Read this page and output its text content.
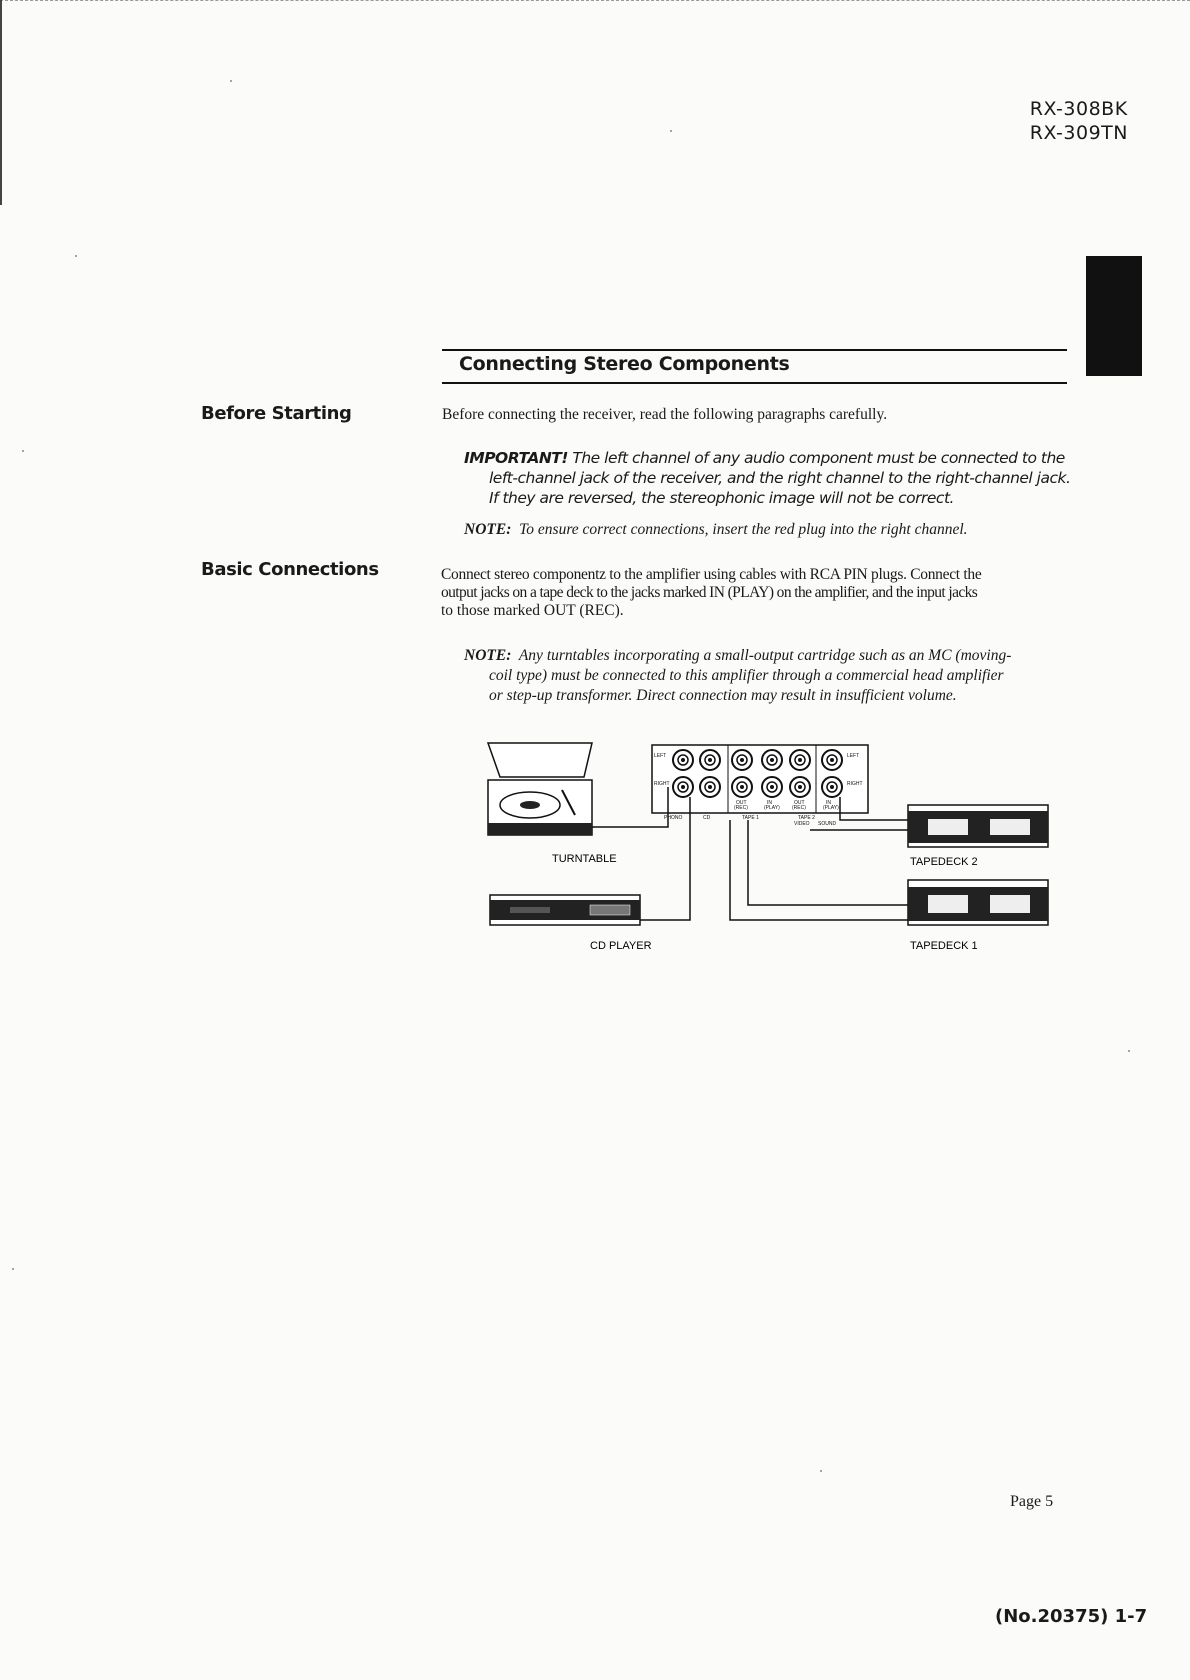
RX-308BK
RX-309TN
Connecting Stereo Components
Before Starting	Before connecting the receiver, read the following paragraphs carefully.
IMPORTANT! The left channel of any audio component must be connected to the
left-channel jack of the receiver, and the right channel to the right-channel jack.
If they are reversed, the stereophonic image will not be correct.
NOTE: To ensure correct connections, insert the red plug into the right channel.
Basic Connections	Connect stereo componentz to the amplifier using cables with RCA PIN plugs. Connect the
output jacks on a tape deck to the jacks marked IN (PLAY) on the amplifier, and the input jacks
to those marked OUT (REC).
NOTE: Any turntables incorporating a small-output cartridge such as an MC (moving-
coil type) must be connected to this amplifier through a commercial head amplifier
or step-up transformer. Direct connection may result in insufficient volume.
LEFT
RIGHT
LEFT
RIGHT
OUT
(REC)
IN
(PLAY)
OUT
(REC)
IN
(PLAY)
PHONO	CD	TAPE 1	TAPE 2
VIDEO SOUND
TURNTABLE
CD PLAYER
TAPEDECK 2
TAPEDECK 1
Page 5
(No.20375) 1-7
